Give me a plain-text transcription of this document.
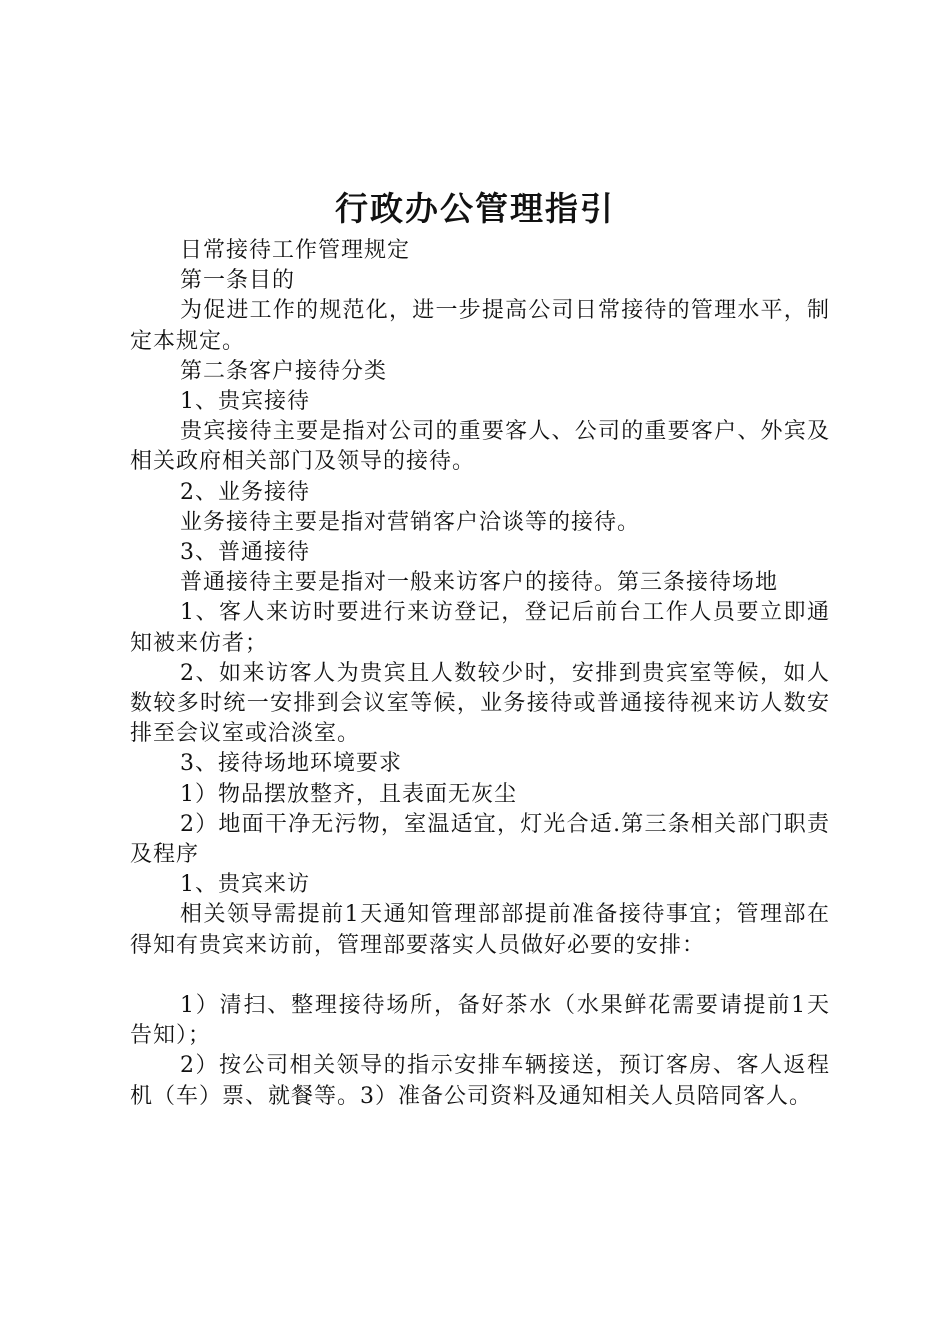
行政办公管理指引

日常接待工作管理规定

第一条目的

为促进工作的规范化，进一步提高公司日常接待的管理水平，制定本规定。

第二条客户接待分类

1、贵宾接待

贵宾接待主要是指对公司的重要客人、公司的重要客户、外宾及相关政府相关部门及领导的接待。

2、业务接待

业务接待主要是指对营销客户洽谈等的接待。

3、普通接待

普通接待主要是指对一般来访客户的接待。第三条接待场地

1、客人来访时要进行来访登记，登记后前台工作人员要立即通知被来仿者；

2、如来访客人为贵宾且人数较少时，安排到贵宾室等候，如人数较多时统一安排到会议室等候，业务接待或普通接待视来访人数安排至会议室或洽淡室。

3、接待场地环境要求

1）物品摆放整齐，且表面无灰尘

2）地面干净无污物，室温适宜，灯光合适.第三条相关部门职责及程序

1、贵宾来访

相关领导需提前1天通知管理部部提前准备接待事宜；管理部在得知有贵宾来访前，管理部要落实人员做好必要的安排：

1）清扫、整理接待场所，备好茶水（水果鲜花需要请提前1天告知）；

2）按公司相关领导的指示安排车辆接送，预订客房、客人返程机（车）票、就餐等。3）准备公司资料及通知相关人员陪同客人。
